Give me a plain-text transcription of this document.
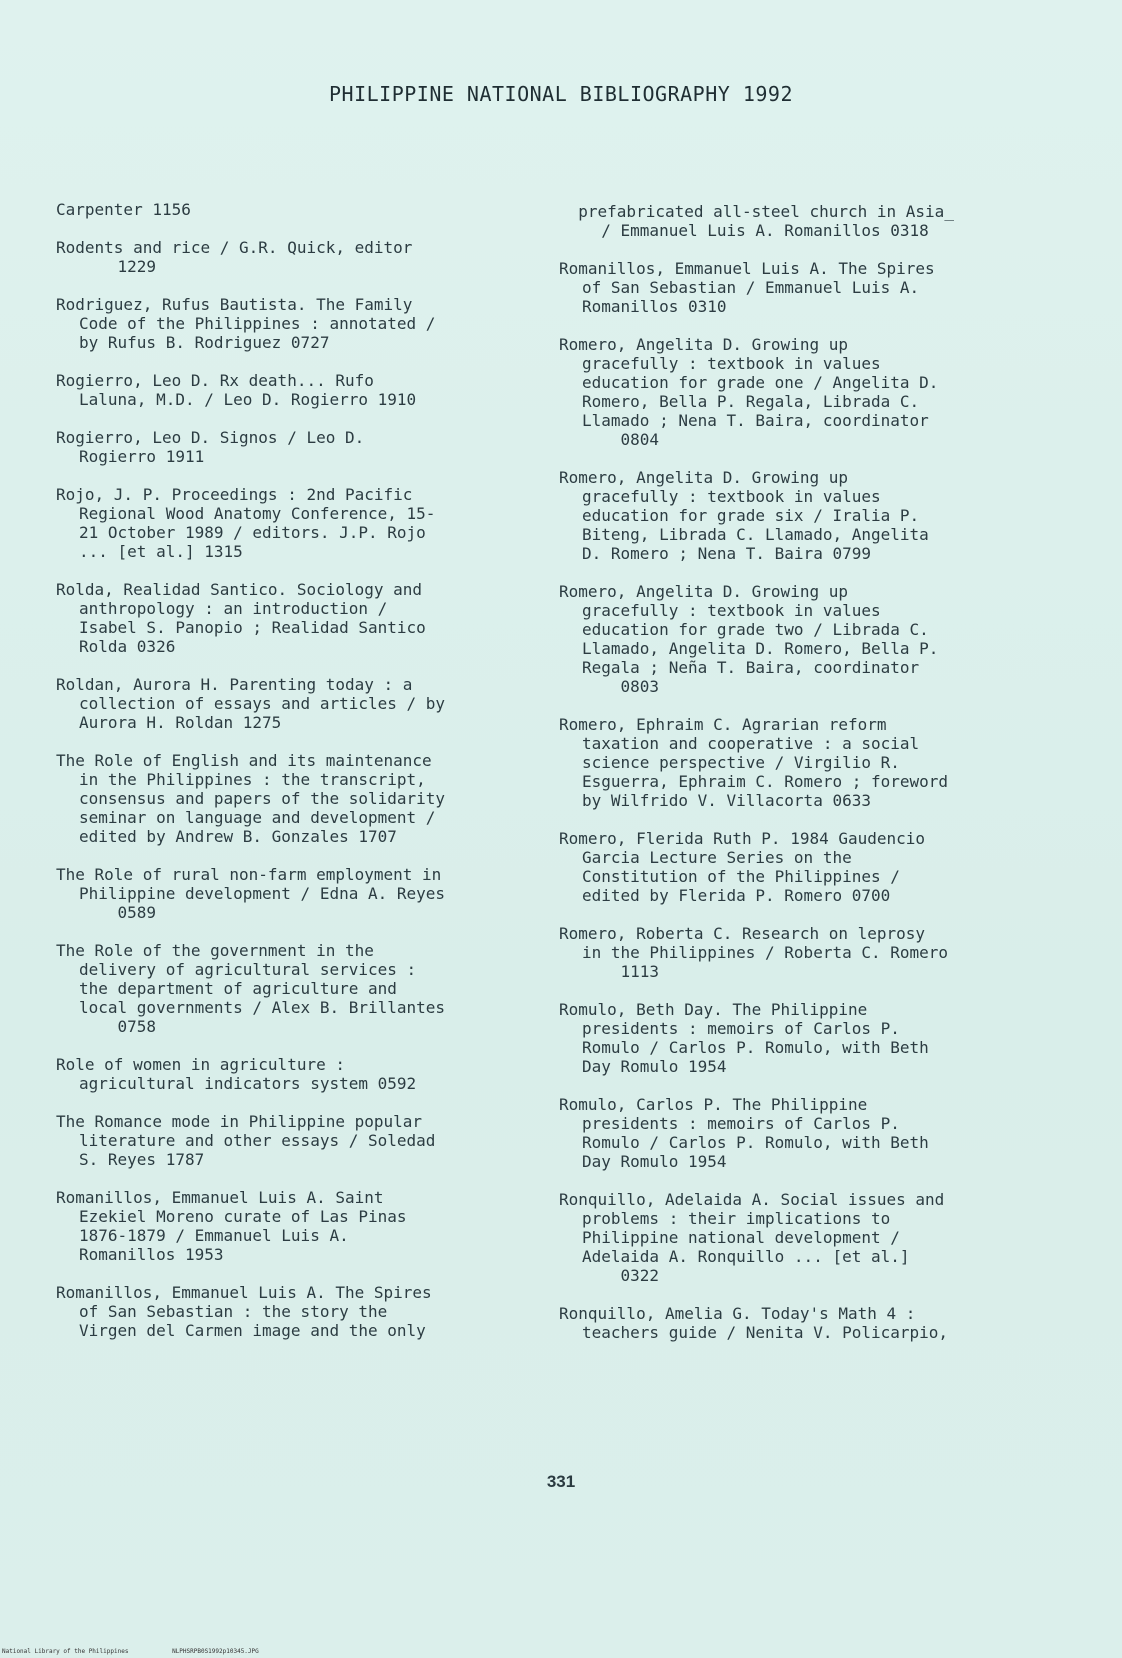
PHILIPPINE NATIONAL BIBLIOGRAPHY 1992
Carpenter 1156
Rodents and rice / G.R. Quick, editor
1229
Rodriguez, Rufus Bautista. The Family
Code of the Philippines : annotated /
by Rufus B. Rodriguez 0727
Rogierro, Leo D. Rx death... Rufo
Laluna, M.D. / Leo D. Rogierro 1910
Rogierro, Leo D. Signos / Leo D.
Rogierro 1911
Rojo, J. P. Proceedings : 2nd Pacific
Regional Wood Anatomy Conference, 15-
21 October 1989 / editors. J.P. Rojo
... [et al.] 1315
Rolda, Realidad Santico. Sociology and
anthropology : an introduction /
Isabel S. Panopio ; Realidad Santico
Rolda 0326
Roldan, Aurora H. Parenting today : a
collection of essays and articles / by
Aurora H. Roldan 1275
The Role of English and its maintenance
in the Philippines : the transcript,
consensus and papers of the solidarity
seminar on language and development /
edited by Andrew B. Gonzales 1707
The Role of rural non-farm employment in
Philippine development / Edna A. Reyes
0589
The Role of the government in the
delivery of agricultural services :
the department of agriculture and
local governments / Alex B. Brillantes
0758
Role of women in agriculture :
agricultural indicators system 0592
The Romance mode in Philippine popular
literature and other essays / Soledad
S. Reyes 1787
Romanillos, Emmanuel Luis A. Saint
Ezekiel Moreno curate of Las Pinas
1876-1879 / Emmanuel Luis A.
Romanillos 1953
Romanillos, Emmanuel Luis A. The Spires
of San Sebastian : the story the
Virgen del Carmen image and the only
prefabricated all-steel church in Asia_
/ Emmanuel Luis A. Romanillos 0318
Romanillos, Emmanuel Luis A. The Spires
of San Sebastian / Emmanuel Luis A.
Romanillos 0310
Romero, Angelita D. Growing up
gracefully : textbook in values
education for grade one / Angelita D.
Romero, Bella P. Regala, Librada C.
Llamado ; Nena T. Baira, coordinator
0804
Romero, Angelita D. Growing up
gracefully : textbook in values
education for grade six / Iralia P.
Biteng, Librada C. Llamado, Angelita
D. Romero ; Nena T. Baira 0799
Romero, Angelita D. Growing up
gracefully : textbook in values
education for grade two / Librada C.
Llamado, Angelita D. Romero, Bella P.
Regala ; Neña T. Baira, coordinator
0803
Romero, Ephraim C. Agrarian reform
taxation and cooperative : a social
science perspective / Virgilio R.
Esguerra, Ephraim C. Romero ; foreword
by Wilfrido V. Villacorta 0633
Romero, Flerida Ruth P. 1984 Gaudencio
Garcia Lecture Series on the
Constitution of the Philippines /
edited by Flerida P. Romero 0700
Romero, Roberta C. Research on leprosy
in the Philippines / Roberta C. Romero
1113
Romulo, Beth Day. The Philippine
presidents : memoirs of Carlos P.
Romulo / Carlos P. Romulo, with Beth
Day Romulo 1954
Romulo, Carlos P. The Philippine
presidents : memoirs of Carlos P.
Romulo / Carlos P. Romulo, with Beth
Day Romulo 1954
Ronquillo, Adelaida A. Social issues and
problems : their implications to
Philippine national development /
Adelaida A. Ronquillo ... [et al.]
0322
Ronquillo, Amelia G. Today's Math 4 :
teachers guide / Nenita V. Policarpio,
331
National Library of the Philippines	NLPHSRPB0S1992p10345.JPG
